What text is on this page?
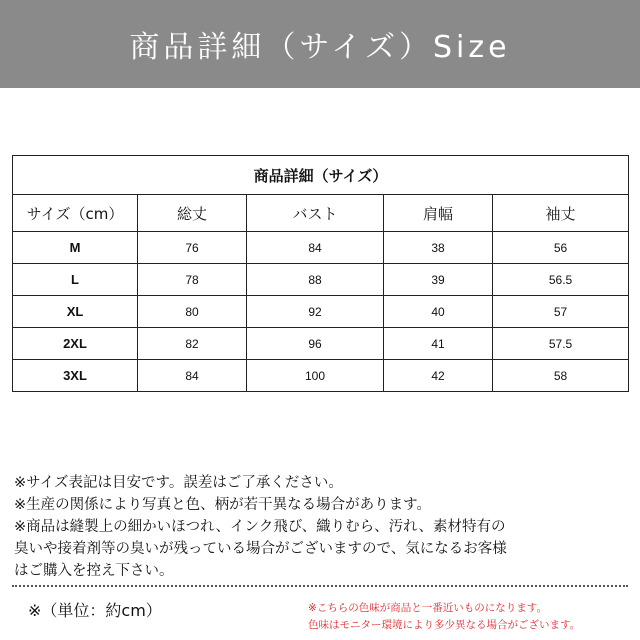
商品詳細（サイズ）Size
商品詳細（サイズ）				
サイズ（cm）	総丈	バスト	肩幅	袖丈
M	76	84	38	56
L	78	88	39	56.5
XL	80	92	40	57
2XL	82	96	41	57.5
3XL	84	100	42	58

※サイズ表記は目安です。誤差はご了承ください。

※生産の関係により写真と色、柄が若干異なる場合があります。

※商品は縫製上の細かいほつれ、インク飛び、織りむら、汚れ、素材特有の

臭いや接着剤等の臭いが残っている場合がございますので、気になるお客様

はご購入を控え下さい。

※（単位：約cm）	※こちらの色味が商品と一番近いものになります。

色味はモニター環境により多少異なる場合がございます。
